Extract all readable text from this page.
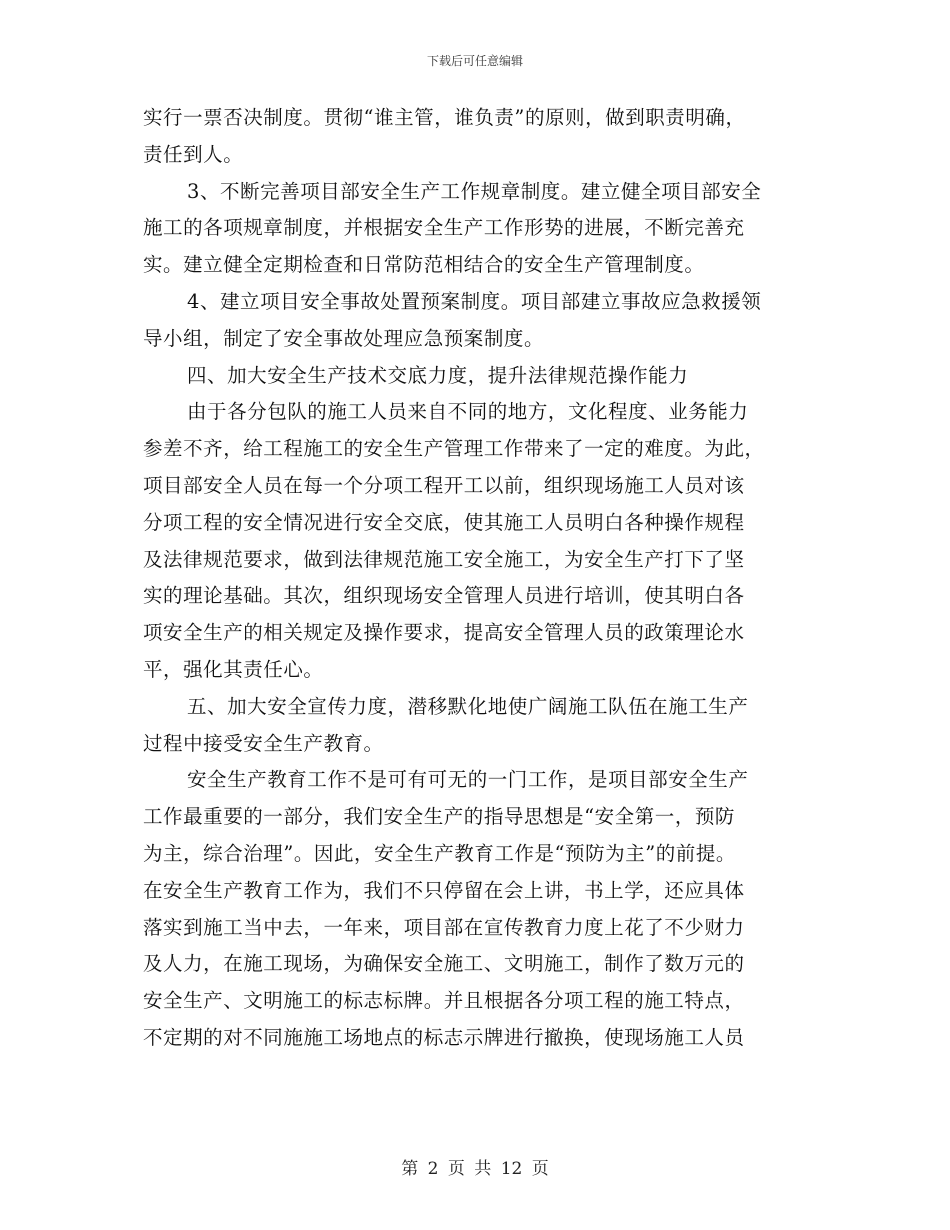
下载后可任意编辑
实行一票否决制度。贯彻“谁主管，谁负责”的原则，做到职责明确，
责任到人。
3、不断完善项目部安全生产工作规章制度。建立健全项目部安全
施工的各项规章制度，并根据安全生产工作形势的进展，不断完善充
实。建立健全定期检查和日常防范相结合的安全生产管理制度。
4、建立项目安全事故处置预案制度。项目部建立事故应急救援领
导小组，制定了安全事故处理应急预案制度。
四、加大安全生产技术交底力度，提升法律规范操作能力
由于各分包队的施工人员来自不同的地方，文化程度、业务能力
参差不齐，给工程施工的安全生产管理工作带来了一定的难度。为此，
项目部安全人员在每一个分项工程开工以前，组织现场施工人员对该
分项工程的安全情况进行安全交底，使其施工人员明白各种操作规程
及法律规范要求，做到法律规范施工安全施工，为安全生产打下了坚
实的理论基础。其次，组织现场安全管理人员进行培训，使其明白各
项安全生产的相关规定及操作要求，提高安全管理人员的政策理论水
平，强化其责任心。
五、加大安全宣传力度，潜移默化地使广阔施工队伍在施工生产
过程中接受安全生产教育。
安全生产教育工作不是可有可无的一门工作，是项目部安全生产
工作最重要的一部分，我们安全生产的指导思想是“安全第一，预防
为主，综合治理”。因此，安全生产教育工作是“预防为主”的前提。
在安全生产教育工作为，我们不只停留在会上讲，书上学，还应具体
落实到施工当中去，一年来，项目部在宣传教育力度上花了不少财力
及人力，在施工现场，为确保安全施工、文明施工，制作了数万元的
安全生产、文明施工的标志标牌。并且根据各分项工程的施工特点，
不定期的对不同施施工场地点的标志示牌进行撤换，使现场施工人员
第 2 页 共 12 页
